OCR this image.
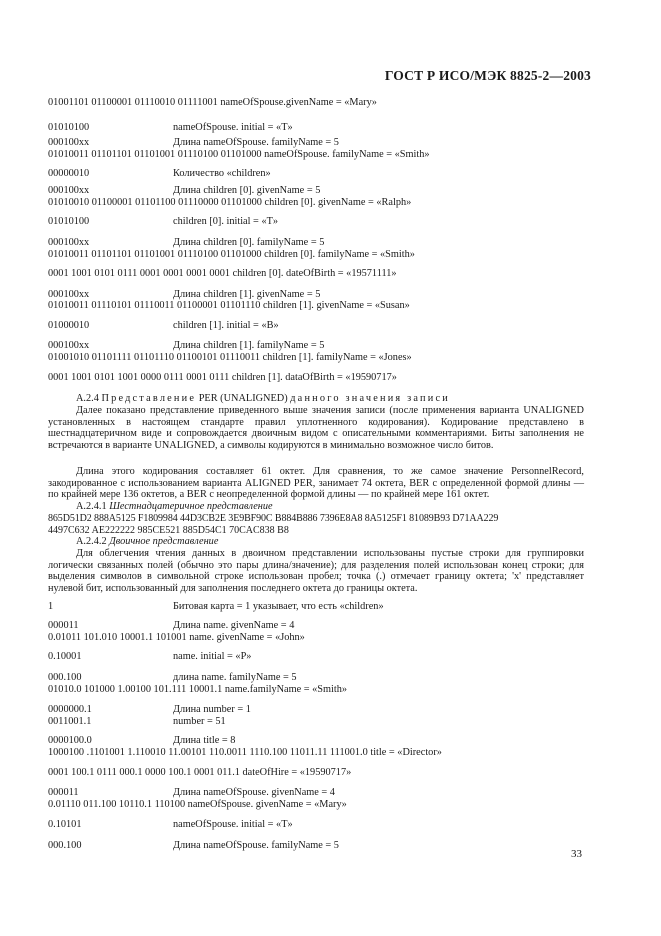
ГОСТ Р ИСО/МЭК 8825-2—2003
01001101 01100001 01110010 01111001 nameOfSpouse.givenName = «Mary»
01010100	nameOfSpouse. initial = «T»
000100xx	Длина nameOfSpouse. familyName = 5
01010011 01101101 01101001 01110100 01101000 nameOfSpouse. familyName = «Smith»
00000010	Количество «children»
000100xx	Длина children [0]. givenName = 5
01010010 01100001 01101100 01110000 01101000 children [0]. givenName = «Ralph»
01010100	children [0]. initial = «T»
000100xx	Длина children [0]. familyName = 5
01010011 01101101 01101001 01110100 01101000 children [0]. familyName = «Smith»
0001 1001 0101 0111 0001 0001 0001 0001 children [0]. dateOfBirth = «19571111»
000100xx	Длина children [1]. givenName = 5
01010011 01110101 01110011 01100001 01101110 children [1]. givenName = «Susan»
01000010	children [1]. initial = «B»
000100xx	Длина children [1]. familyName = 5
01001010 01101111 01101110 01100101 01110011 children [1]. familyName = «Jones»
0001 1001 0101 1001 0000 0111 0001 0111 children [1]. dataOfBirth = «19590717»
А.2.4 Представление PER (UNALIGNED) данного значения записи
Далее показано представление приведенного выше значения записи (после применения варианта UNALIGNED установленных в настоящем стандарте правил уплотненного кодирования). Кодирование представлено в шестнадцатеричном виде и сопровождается двоичным видом с описательными комментариями. Биты заполнения не встречаются в варианте UNALIGNED, а символы кодируются в минимально возможное число битов.
Длина этого кодирования составляет 61 октет. Для сравнения, то же самое значение PersonnelRecord, закодированное с использованием варианта ALIGNED PER, занимает 74 октета, BER с определенной формой длины — по крайней мере 136 октетов, а BER с неопределенной формой длины — по крайней мере 161 октет.
А.2.4.1 Шестнадцатеричное представление
865D51D2 888A5125 F1809984 44D3CB2E 3E9BF90C B884B886 7396E8A8 8A5125F1 81089B93 D71AA229
4497C632 AE222222 985CE521 885D54C1 70CAC838 B8
А.2.4.2 Двоичное представление
Для облегчения чтения данных в двоичном представлении использованы пустые строки для группировки логически связанных полей (обычно это пары длина/значение); для разделения полей использован конец строки; для выделения символов в символьной строке использован пробел; точка (.) отмечает границу октета; 'x' представляет нулевой бит, использованный для заполнения последнего октета до границы октета.
1	Битовая карта = 1 указывает, что есть «children»
000011	Длина name. givenName = 4
0.01011 101.010 10001.1 101001 name. givenName = «John»
0.10001	name. initial = «P»
000.100	длина name. familyName = 5
01010.0 101000 1.00100 101.111 10001.1 name.familyName = «Smith»
0000000.1	Длина number = 1
0011001.1	number = 51
0000100.0	Длина title = 8
1000100 .1101001 1.110010 11.00101 110.0011 1110.100 11011.11 111001.0 title = «Director»
0001 100.1 0111 000.1 0000 100.1 0001 011.1 dateOfHire = «19590717»
000011	Длина nameOfSpouse. givenName = 4
0.01110 011.100 10110.1 110100 nameOfSpouse. givenName = «Mary»
0.10101	nameOfSpouse. initial = «T»
000.100	Длина nameOfSpouse. familyName = 5
33
